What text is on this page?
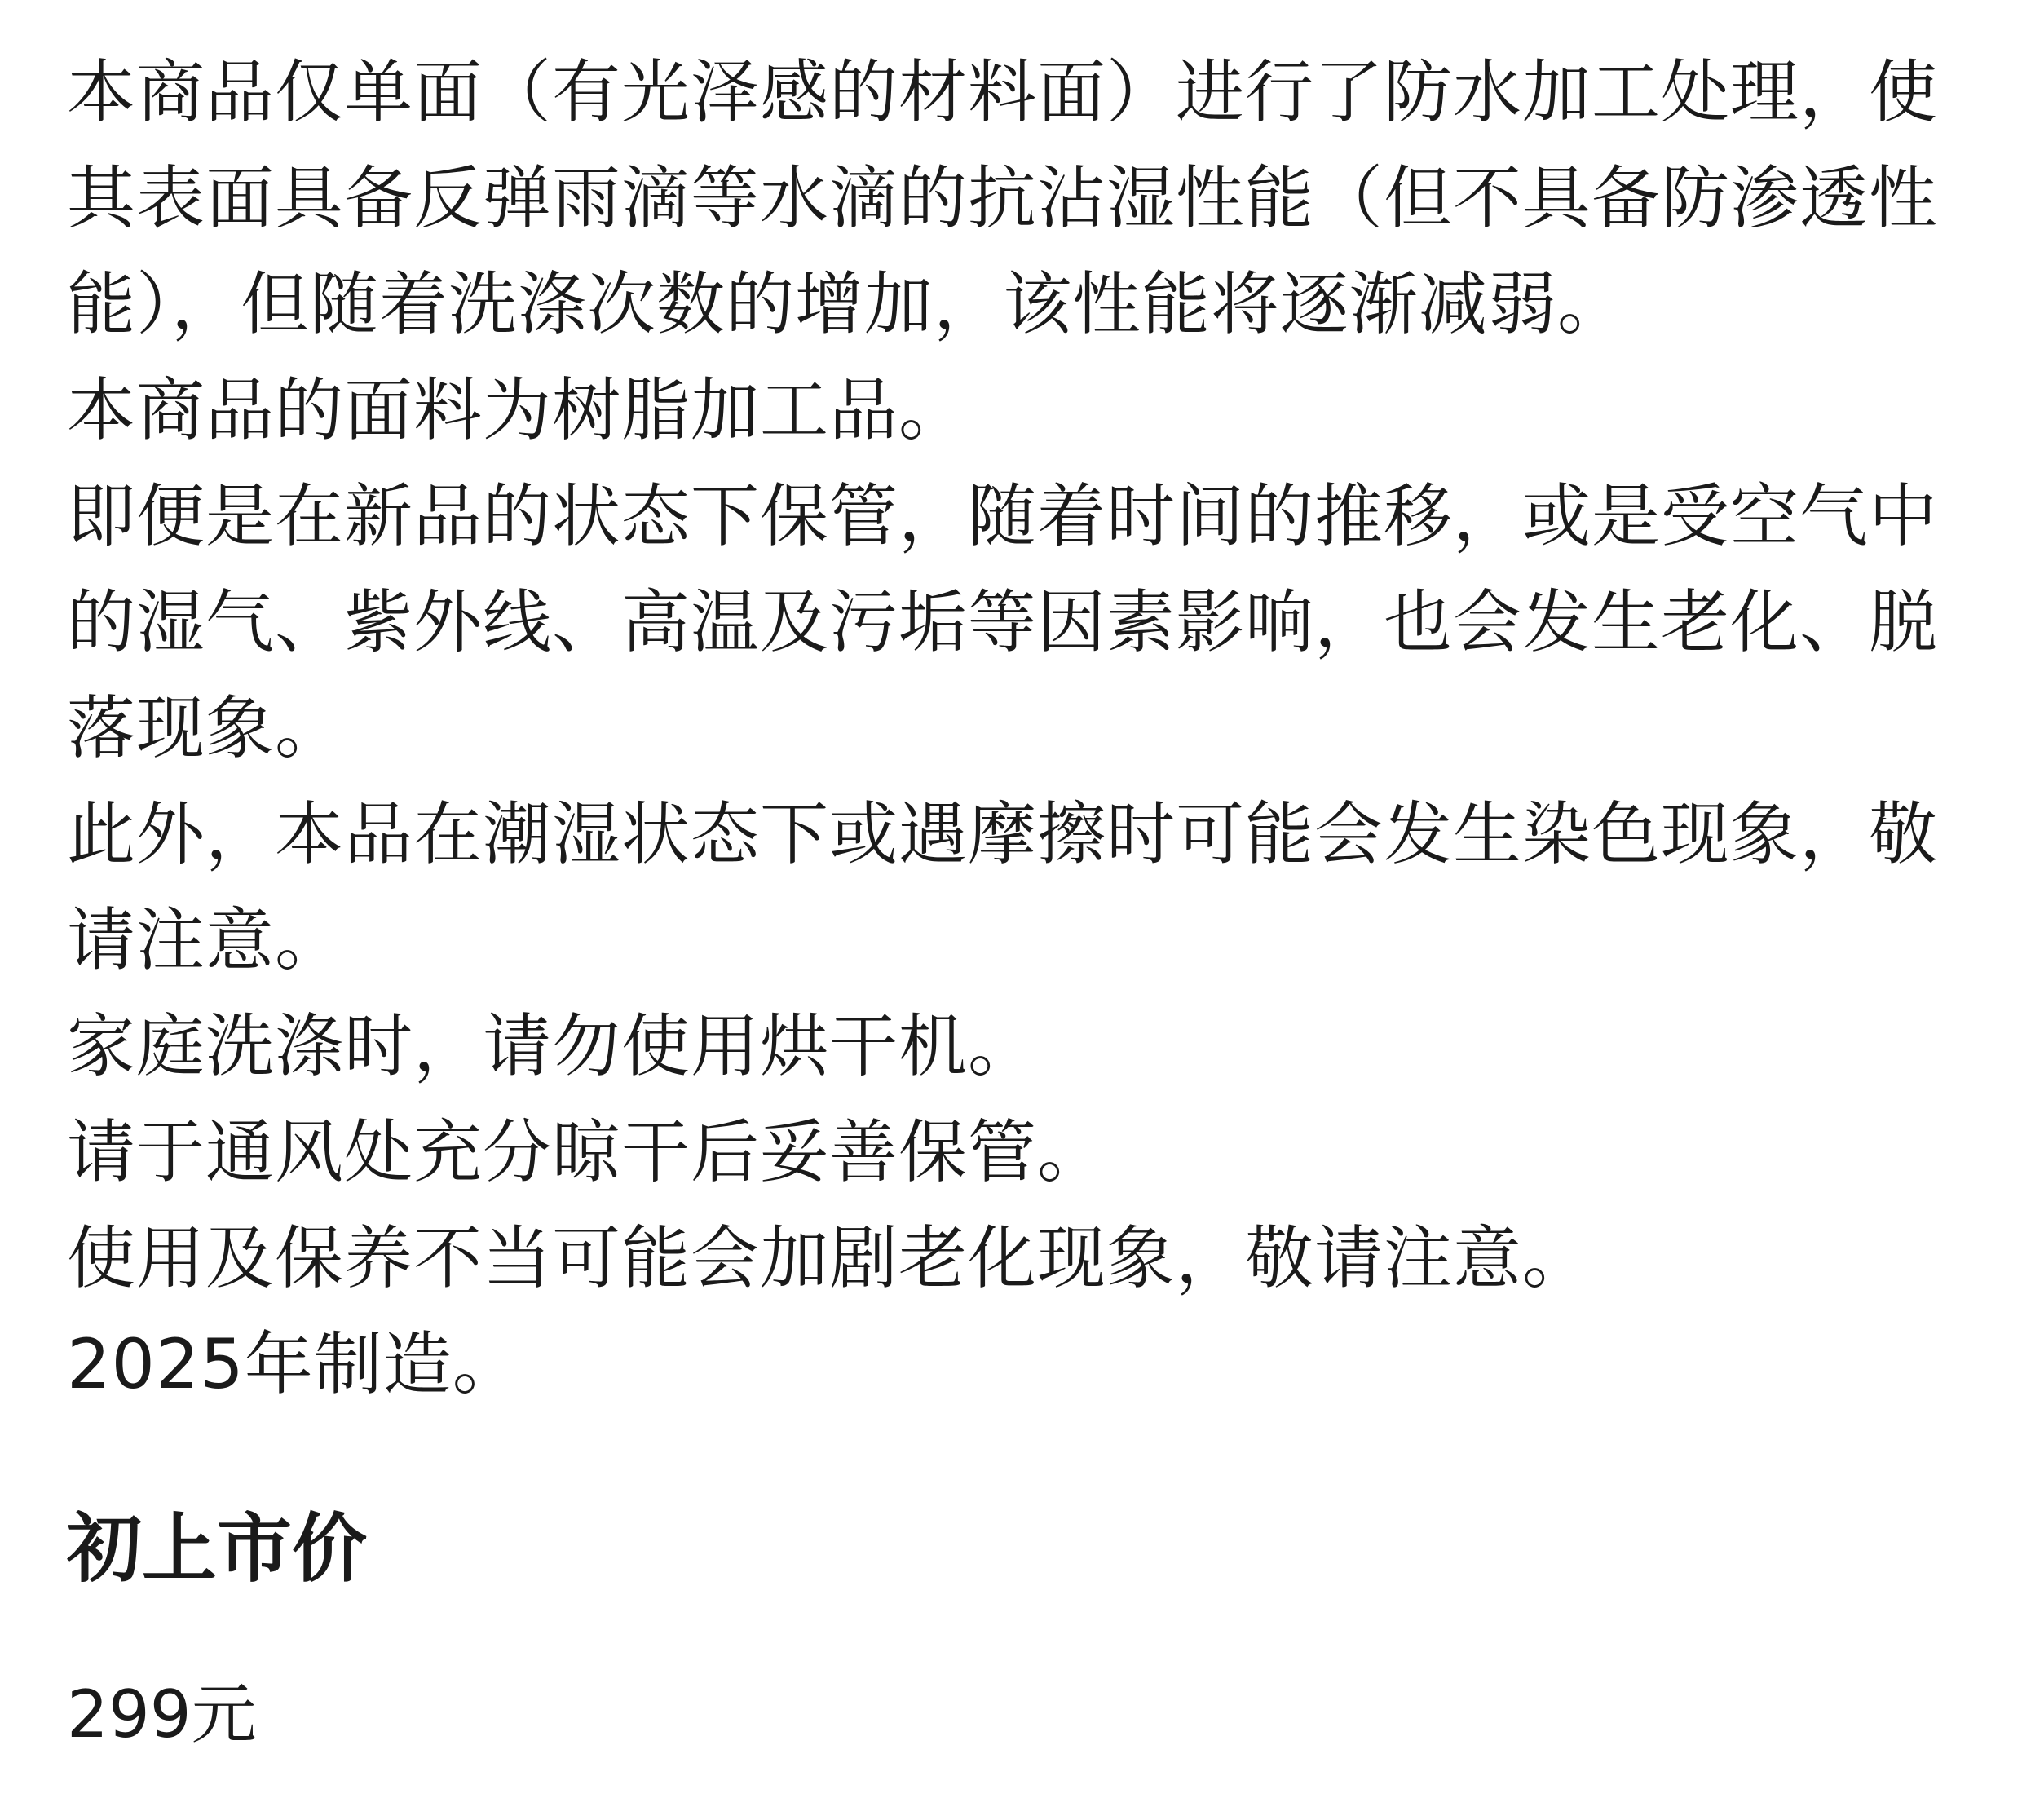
本商品仅单面（有光泽感的材料面）进行了防水加工处理，使其表面具备反弹雨滴等水滴的抗沾湿性能（但不具备防渗透性能），但随着洗涤次数的增加，该性能将逐渐减弱。

本商品的面料为树脂加工品。

即便是在新品的状态下保管，随着时间的推移，或是受空气中的湿气、紫外线、高温及污垢等因素影响，也会发生老化、脱落现象。

此外，本品在潮湿状态下或遇摩擦时可能会发生染色现象，敬请注意。

家庭洗涤时，请勿使用烘干机。

请于通风处充分晾干后妥善保管。

使用及保养不当可能会加剧老化现象，敬请注意。

2025年制造。

初上市价

299元
